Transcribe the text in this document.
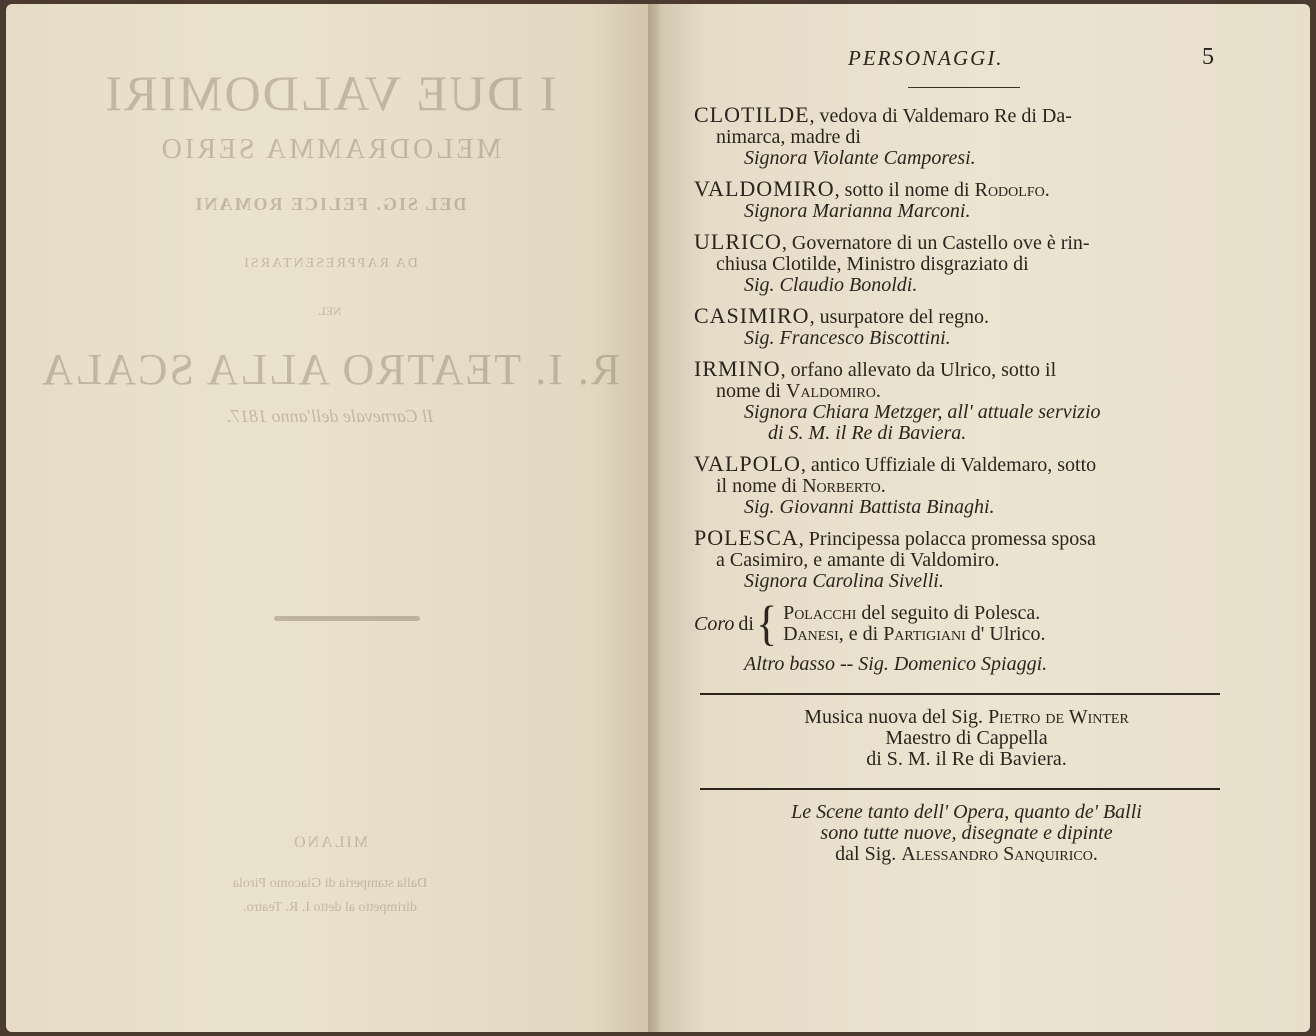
I DUE VALDOMIRI
MELODRAMMA SERIO
DEL SIG. FELICE ROMANI
DA RAPPRESENTARSI
NEL
R. I. TEATRO ALLA SCALA
Il Carnevale dell'anno 1817.
MILANO
Dalla stamperia di Giacomo Pirola
dirimpetto al detto I. R. Teatro.
PERSONAGGI.	5
CLOTILDE, vedova di Valdemaro Re di Da-
nimarca, madre di
Signora Violante Camporesi.
VALDOMIRO, sotto il nome di Rodolfo.
Signora Marianna Marconi.
ULRICO, Governatore di un Castello ove è rin-
chiusa Clotilde, Ministro disgraziato di
Sig. Claudio Bonoldi.
CASIMIRO, usurpatore del regno.
Sig. Francesco Biscottini.
IRMINO, orfano allevato da Ulrico, sotto il
nome di Valdomiro.
Signora Chiara Metzger, all' attuale servizio
di S. M. il Re di Baviera.
VALPOLO, antico Uffiziale di Valdemaro, sotto
il nome di Norberto.
Sig. Giovanni Battista Binaghi.
POLESCA, Principessa polacca promessa sposa
a Casimiro, e amante di Valdomiro.
Signora Carolina Sivelli.
Coro di { Polacchi del seguito di Polesca.
Danesi, e di Partigiani d' Ulrico.
Altro basso -- Sig. Domenico Spiaggi.
Musica nuova del Sig. Pietro de Winter
Maestro di Cappella
di S. M. il Re di Baviera.
Le Scene tanto dell' Opera, quanto de' Balli
sono tutte nuove, disegnate e dipinte
dal Sig. Alessandro Sanquirico.
